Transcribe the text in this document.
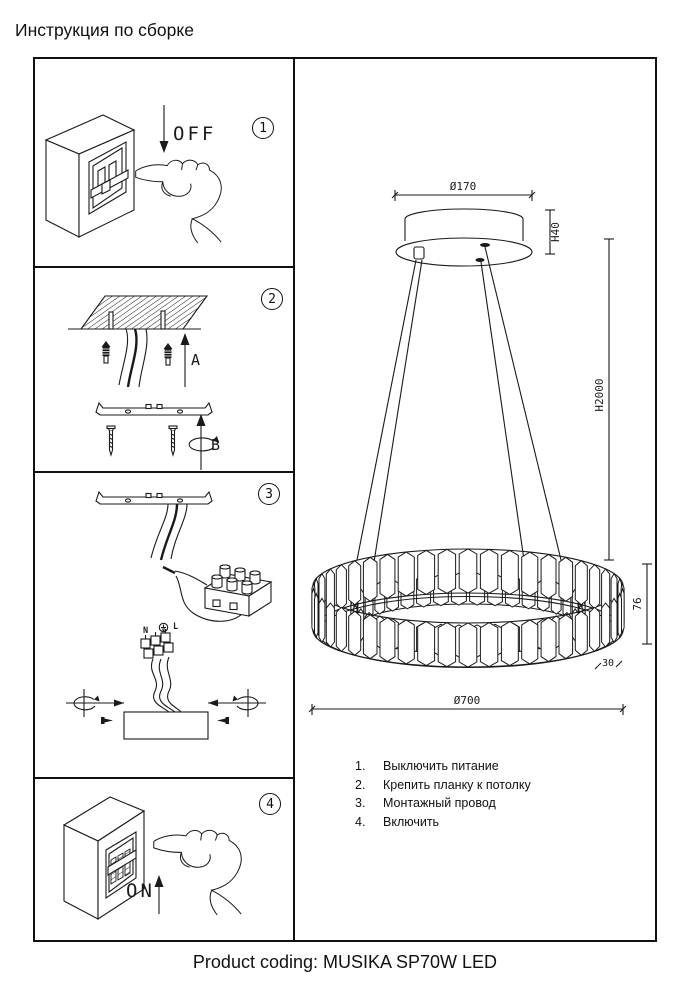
Инструкция по сборке
OFF	1
A
B
2
N	L
3
ON
4
Ø170
H40
H2000
76
30
Ø700
1.	Выключить питание
2.	Крепить планку к потолку
3.	Монтажный провод
4.	Включить
Product coding: MUSIKA SP70W LED
